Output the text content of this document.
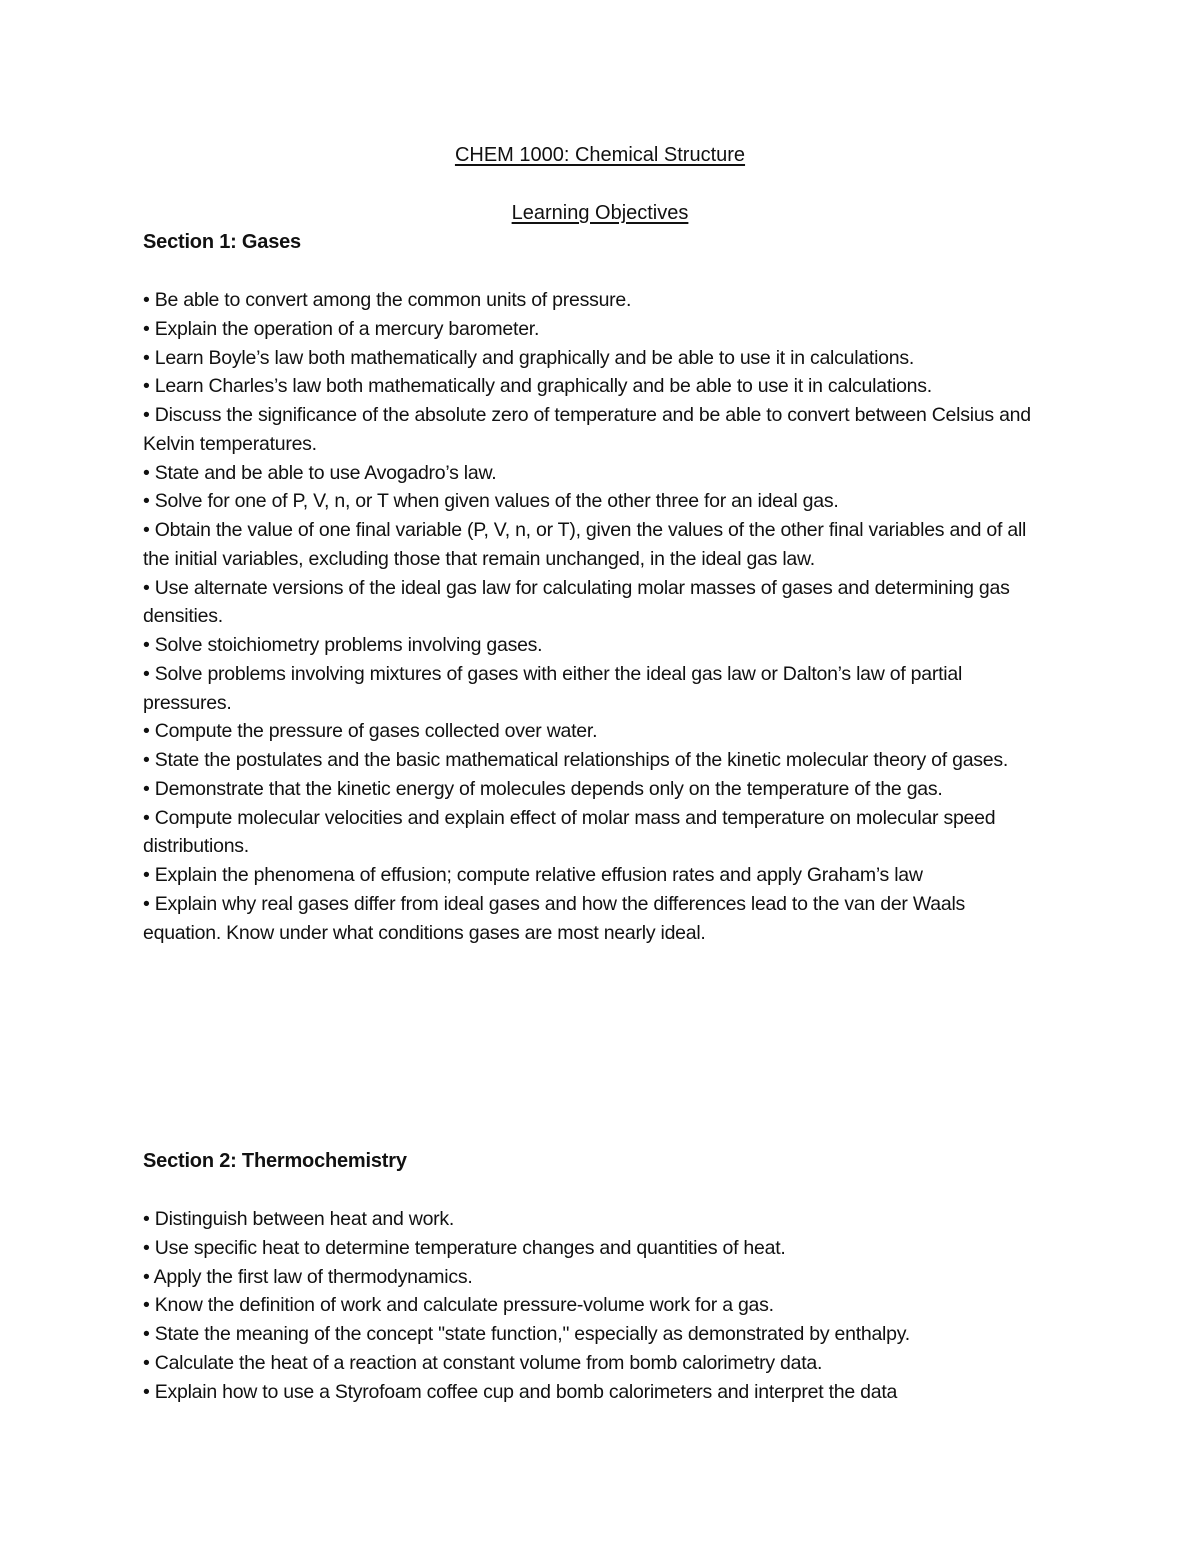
CHEM 1000: Chemical Structure
Learning Objectives
Section 1: Gases
• Be able to convert among the common units of pressure.
• Explain the operation of a mercury barometer.
• Learn Boyle’s law both mathematically and graphically and be able to use it in calculations.
• Learn Charles’s law both mathematically and graphically and be able to use it in calculations.
• Discuss the significance of the absolute zero of temperature and be able to convert between Celsius and Kelvin temperatures.
• State and be able to use Avogadro’s law.
• Solve for one of P, V, n, or T when given values of the other three for an ideal gas.
• Obtain the value of one final variable (P, V, n, or T), given the values of the other final variables and of all the initial variables, excluding those that remain unchanged, in the ideal gas law.
• Use alternate versions of the ideal gas law for calculating molar masses of gases and determining gas densities.
• Solve stoichiometry problems involving gases.
• Solve problems involving mixtures of gases with either the ideal gas law or Dalton’s law of partial pressures.
• Compute the pressure of gases collected over water.
• State the postulates and the basic mathematical relationships of the kinetic molecular theory of gases.
• Demonstrate that the kinetic energy of molecules depends only on the temperature of the gas.
• Compute molecular velocities and explain effect of molar mass and temperature on molecular speed distributions.
• Explain the phenomena of effusion; compute relative effusion rates and apply Graham’s law
• Explain why real gases differ from ideal gases and how the differences lead to the van der Waals equation. Know under what conditions gases are most nearly ideal.
Section 2: Thermochemistry
• Distinguish between heat and work.
• Use specific heat to determine temperature changes and quantities of heat.
• Apply the first law of thermodynamics.
• Know the definition of work and calculate pressure-volume work for a gas.
• State the meaning of the concept "state function," especially as demonstrated by enthalpy.
• Calculate the heat of a reaction at constant volume from bomb calorimetry data.
• Explain how to use a Styrofoam coffee cup and bomb calorimeters and interpret the data
